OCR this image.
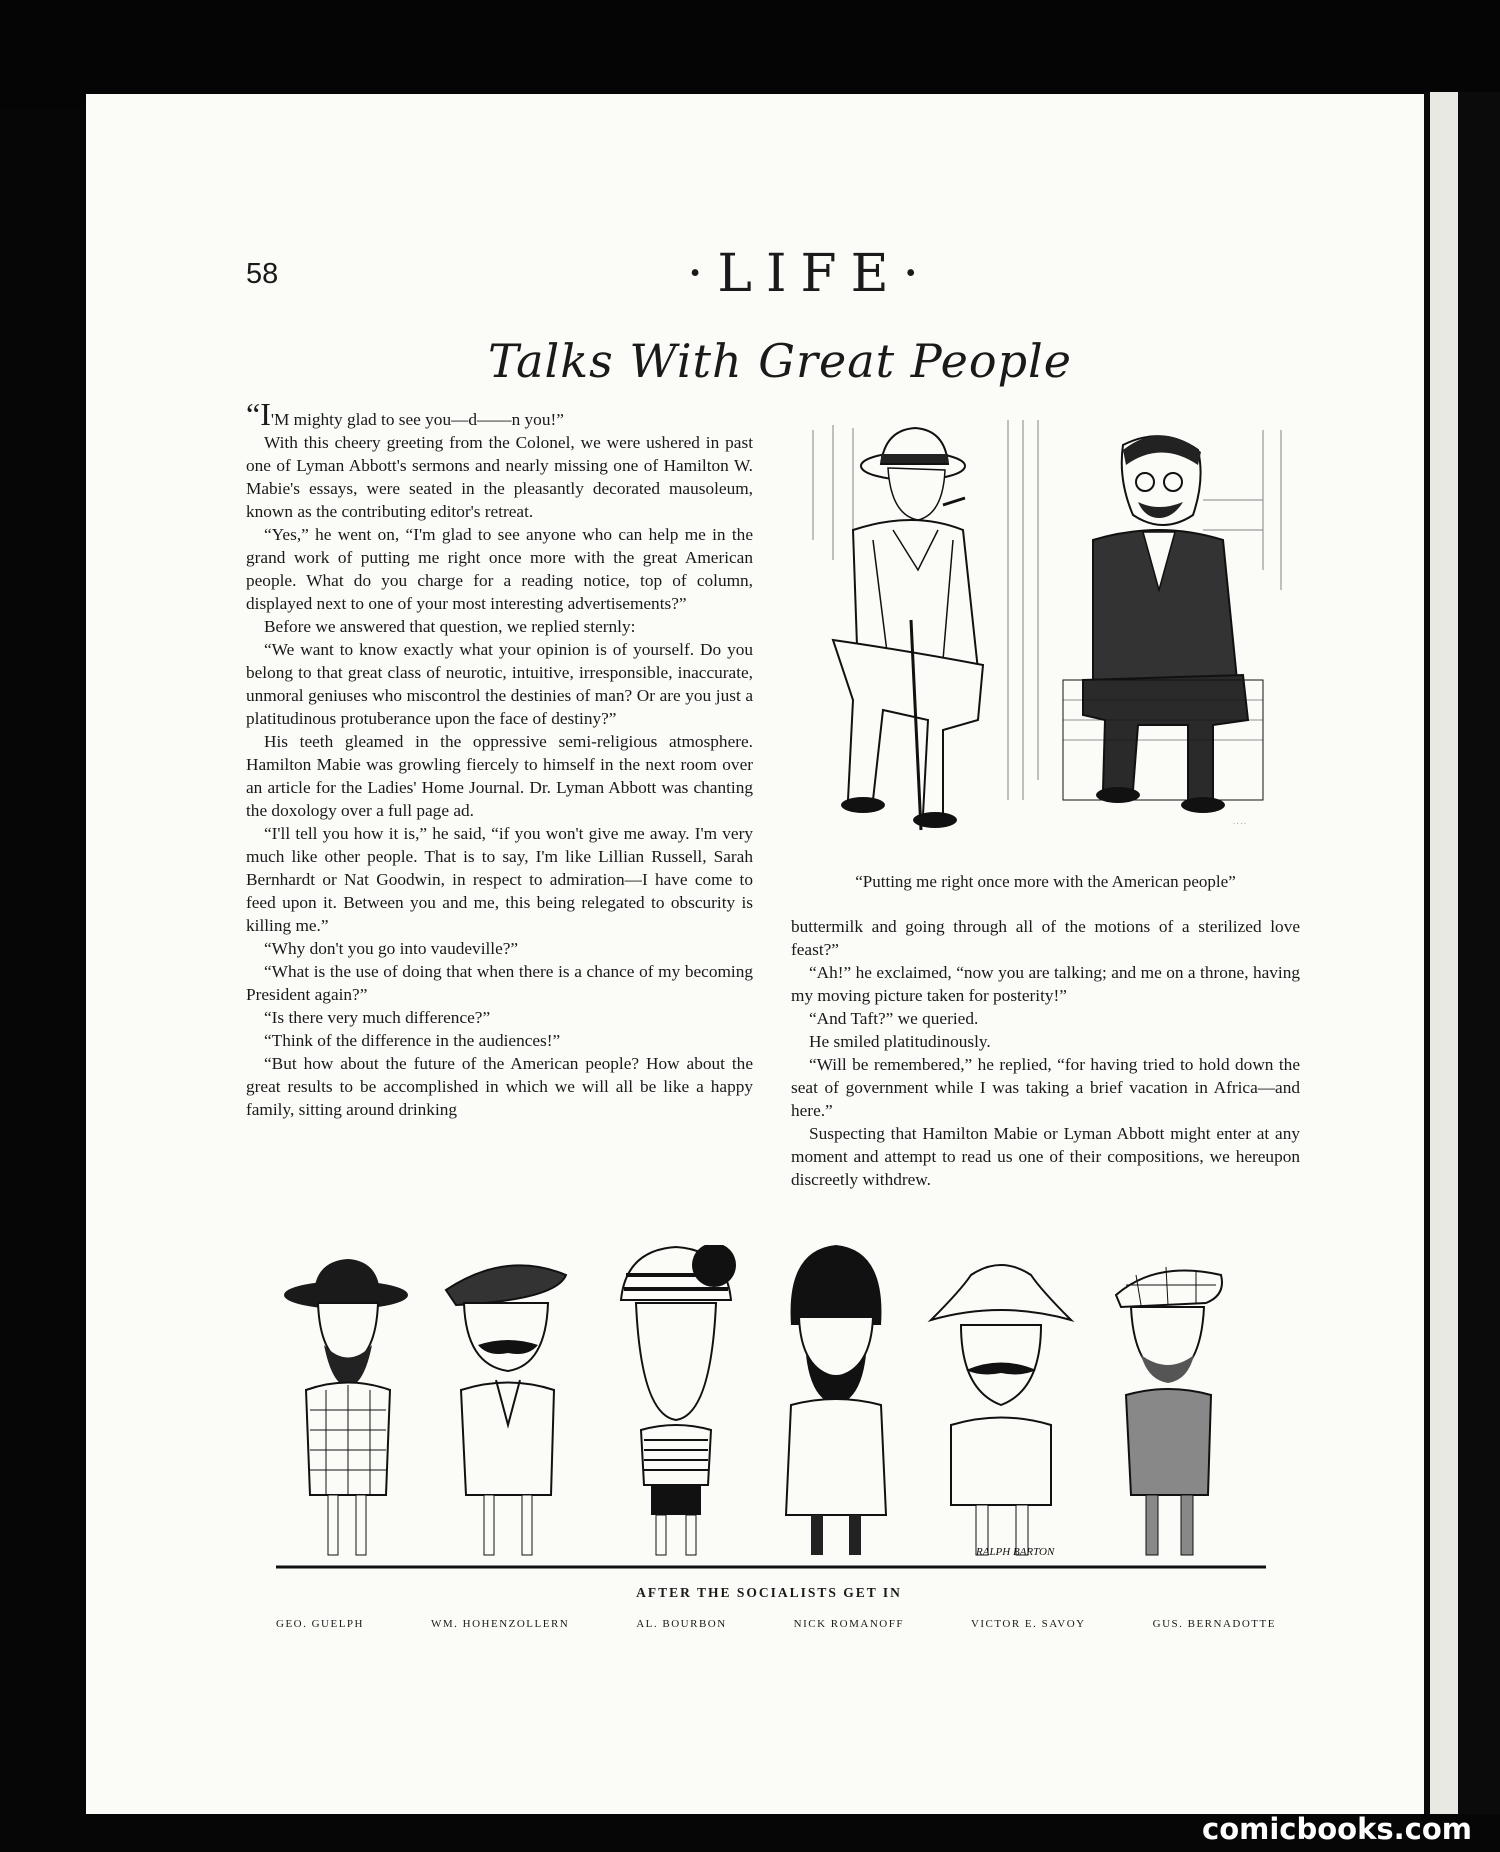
58	·LIFE·
Talks With Great People

“I'M mighty glad to see you—d——n you!”

With this cheery greeting from the Colonel, we were ushered in past one of Lyman Abbott's sermons and nearly missing one of Hamilton W. Mabie's essays, were seated in the pleasantly decorated mausoleum, known as the contributing editor's retreat.

“Yes,” he went on, “I'm glad to see anyone who can help me in the grand work of putting me right once more with the great American people. What do you charge for a reading notice, top of column, displayed next to one of your most interesting advertisements?”

Before we answered that question, we replied sternly:

“We want to know exactly what your opinion is of yourself. Do you belong to that great class of neurotic, intuitive, irresponsible, inaccurate, unmoral geniuses who miscontrol the destinies of man? Or are you just a platitudinous protuberance upon the face of destiny?”

His teeth gleamed in the oppressive semi-religious atmosphere. Hamilton Mabie was growling fiercely to himself in the next room over an article for the Ladies' Home Journal. Dr. Lyman Abbott was chanting the doxology over a full page ad.

“I'll tell you how it is,” he said, “if you won't give me away. I'm very much like other people. That is to say, I'm like Lillian Russell, Sarah Bernhardt or Nat Goodwin, in respect to admiration—I have come to feed upon it. Between you and me, this being relegated to obscurity is killing me.”

“Why don't you go into vaudeville?”

“What is the use of doing that when there is a chance of my becoming President again?”

“Is there very much difference?”

“Think of the difference in the audiences!”

“But how about the future of the American people? How about the great results to be accomplished in which we will all be like a happy family, sitting around drinking

· · · ·
“Putting me right once more with the American people”

buttermilk and going through all of the motions of a sterilized love feast?”

“Ah!” he exclaimed, “now you are talking; and me on a throne, having my moving picture taken for posterity!”

“And Taft?” we queried.

He smiled platitudinously.

“Will be remembered,” he replied, “for having tried to hold down the seat of government while I was taking a brief vacation in Africa—and here.”

Suspecting that Hamilton Mabie or Lyman Abbott might enter at any moment and attempt to read us one of their compositions, we hereupon discreetly withdrew.

RALPH BARTON
AFTER THE SOCIALISTS GET IN
GEO. GUELPH	WM. HOHENZOLLERN	AL. BOURBON	NICK ROMANOFF	VICTOR E. SAVOY	GUS. BERNADOTTE
comicbooks.com
